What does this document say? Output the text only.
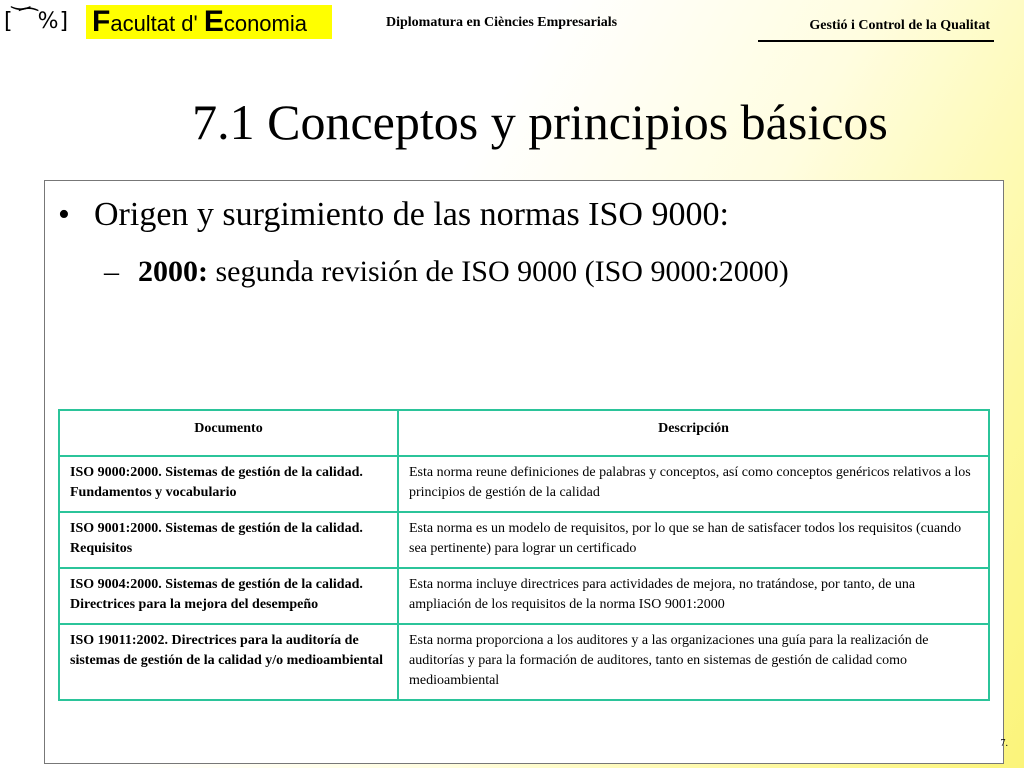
[ ͝ ͡ %] Facultat d' Economia	Diplomatura en Ciències Empresarials	Gestió i Control de la Qualitat
7.1 Conceptos y principios básicos
• Origen y surgimiento de las normas ISO 9000:
– 2000: segunda revisión de ISO 9000 (ISO 9000:2000)
Documento	Descripción
ISO 9000:2000. Sistemas de gestión de la calidad. Fundamentos y vocabulario	Esta norma reune definiciones de palabras y conceptos, así como conceptos genéricos relativos a los principios de gestión de la calidad
ISO 9001:2000. Sistemas de gestión de la calidad. Requisitos	Esta norma es un modelo de requisitos, por lo que se han de satisfacer todos los requisitos (cuando sea pertinente) para lograr un certificado
ISO 9004:2000. Sistemas de gestión de la calidad. Directrices para la mejora del desempeño	Esta norma incluye directrices para actividades de mejora, no tratándose, por tanto, de una ampliación de los requisitos de la norma ISO 9001:2000
ISO 19011:2002. Directrices para la auditoría de sistemas de gestión de la calidad y/o medioambiental	Esta norma proporciona a los auditores y a las organizaciones una guía para la realización de auditorías y para la formación de auditores, tanto en sistemas de gestión de calidad como medioambiental
7.
